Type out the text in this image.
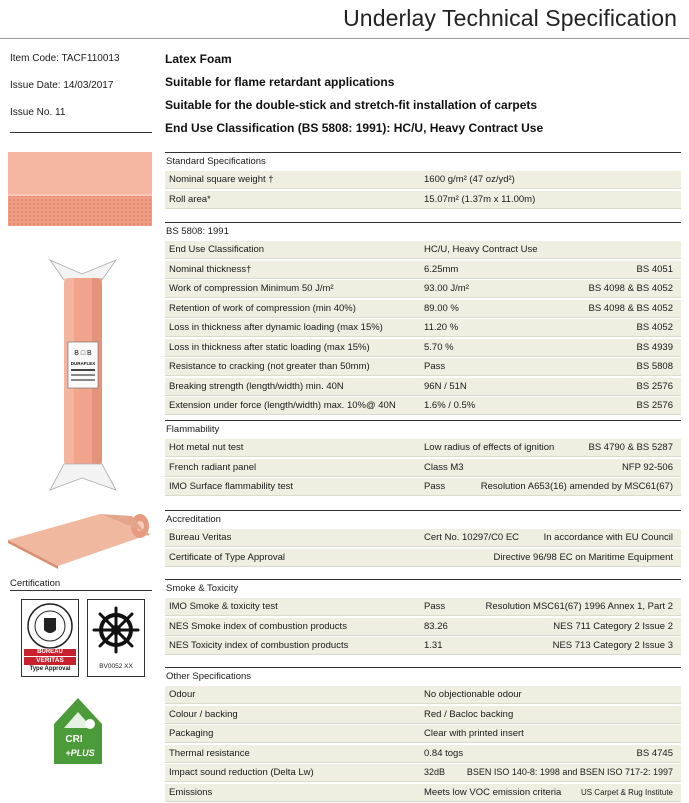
Underlay Technical Specification
Item Code: TACF110013
Issue Date: 14/03/2017
Issue No. 11
Latex Foam
Suitable for flame retardant applications
Suitable for the double-stick and stretch-fit installation of carpets
End Use Classification (BS 5808: 1991): HC/U, Heavy Contract Use
Standard Specifications
Nominal square weight †	1600 g/m² (47 oz/yd²)
Roll area*	15.07m² (1.37m x 11.00m)
BS 5808: 1991
End Use Classification	HC/U, Heavy Contract Use
Nominal thickness†	6.25mm	BS 4051
Work of compression Minimum 50 J/m²	93.00 J/m²	BS 4098 & BS 4052
Retention of work of compression (min 40%)	89.00 %	BS 4098 & BS 4052
Loss in thickness after dynamic loading (max 15%)	11.20 %	BS 4052
Loss in thickness after static loading (max 15%)	5.70 %	BS 4939
Resistance to cracking (not greater than 50mm)	Pass	BS 5808
Breaking strength (length/width) min. 40N	96N / 51N	BS 2576
Extension under force (length/width) max. 10%@ 40N	1.6% / 0.5%	BS 2576
Flammability
Hot metal nut test	Low radius of effects of ignition	BS 4790 & BS 5287
French radiant panel	Class M3	NFP 92-506
IMO Surface flammability test	Pass	Resolution A653(16) amended by MSC61(67)
Accreditation
Bureau Veritas	Cert No. 10297/C0 EC	In accordance with EU Council
Certificate of Type Approval	Directive 96/98 EC on Maritime Equipment
Smoke & Toxicity
IMO Smoke & toxicity test	Pass	Resolution MSC61(67) 1996 Annex 1, Part 2
NES Smoke index of combustion products	83.26	NES 711 Category 2 Issue 2
NES Toxicity index of combustion products	1.31	NES 713 Category 2 Issue 3
Other Specifications
Odour	No objectionable odour
Colour / backing	Red / Bacloc backing
Packaging	Clear with printed insert
Thermal resistance	0.84 togs	BS 4745
Impact sound reduction (Delta Lw)	32dB BSEN ISO 140-8: 1998 and BSEN ISO 717-2: 1997
Emissions	Meets low VOC emission criteria US Carpet & Rug Institute
B □ B
DURAFLEX
Certification
BUREAU
VERITAS
Type Approval	BV0052 XX
CRI
+PLUS
